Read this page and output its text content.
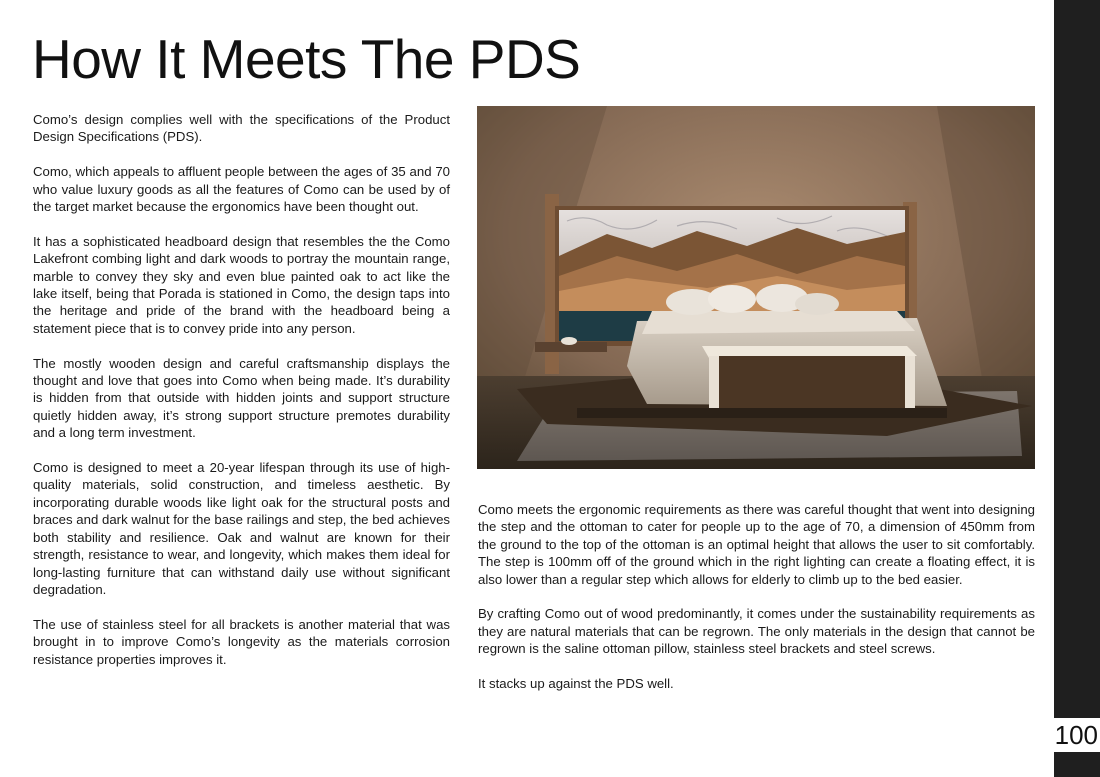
How It Meets The PDS

Como’s design complies well with the specifications of the Product Design Specifications (PDS).

Como, which appeals to affluent people between the ages of 35 and 70 who value luxury goods as all the features of Como can be used by of the target market because the ergonomics have been thought out.

It has a sophisticated headboard design that resembles the the Como Lakefront combing light and dark woods to portray the mountain range, marble to convey they sky and even blue painted oak to act like the lake itself, being that Porada is stationed in Como, the design taps into the heritage and pride of the brand with the headboard being a statement piece that is to convey pride into any person.

The mostly wooden design and careful craftsmanship displays the thought and love that goes into Como when being made. It’s durability is hidden from that outside with hidden joints and support structure quietly hidden away, it’s strong support structure premotes durability and a long term investment.

Como is designed to meet a 20-year lifespan through its use of high-quality materials, solid construction, and timeless aesthetic. By incorporating durable woods like light oak for the structural posts and braces and dark walnut for the base railings and step, the bed achieves both stability and resilience. Oak and walnut are known for their strength, resistance to wear, and longevity, which makes them ideal for long-lasting furniture that can withstand daily use without significant degradation.

The use of stainless steel for all brackets is another material that was brought in to improve Como’s longevity as the materials corrosion resistance properties improves it.

Como meets the ergonomic requirements as there was careful thought that went into designing the step and the ottoman to cater for people up to the age of 70, a dimension of 450mm from the ground to the top of the ottoman is an optimal height that allows the user to sit comfortably. The step is 100mm off of the ground which in the right lighting can create a floating effect, it is also lower than a regular step which allows for elderly to climb up to the bed easier.

By crafting Como out of wood predominantly, it comes under the sustainability requirements as they are natural materials that can be regrown. The only materials in the design that cannot be regrown is the saline ottoman pillow, stainless steel brackets and steel screws.

It stacks up against the PDS well.

100
